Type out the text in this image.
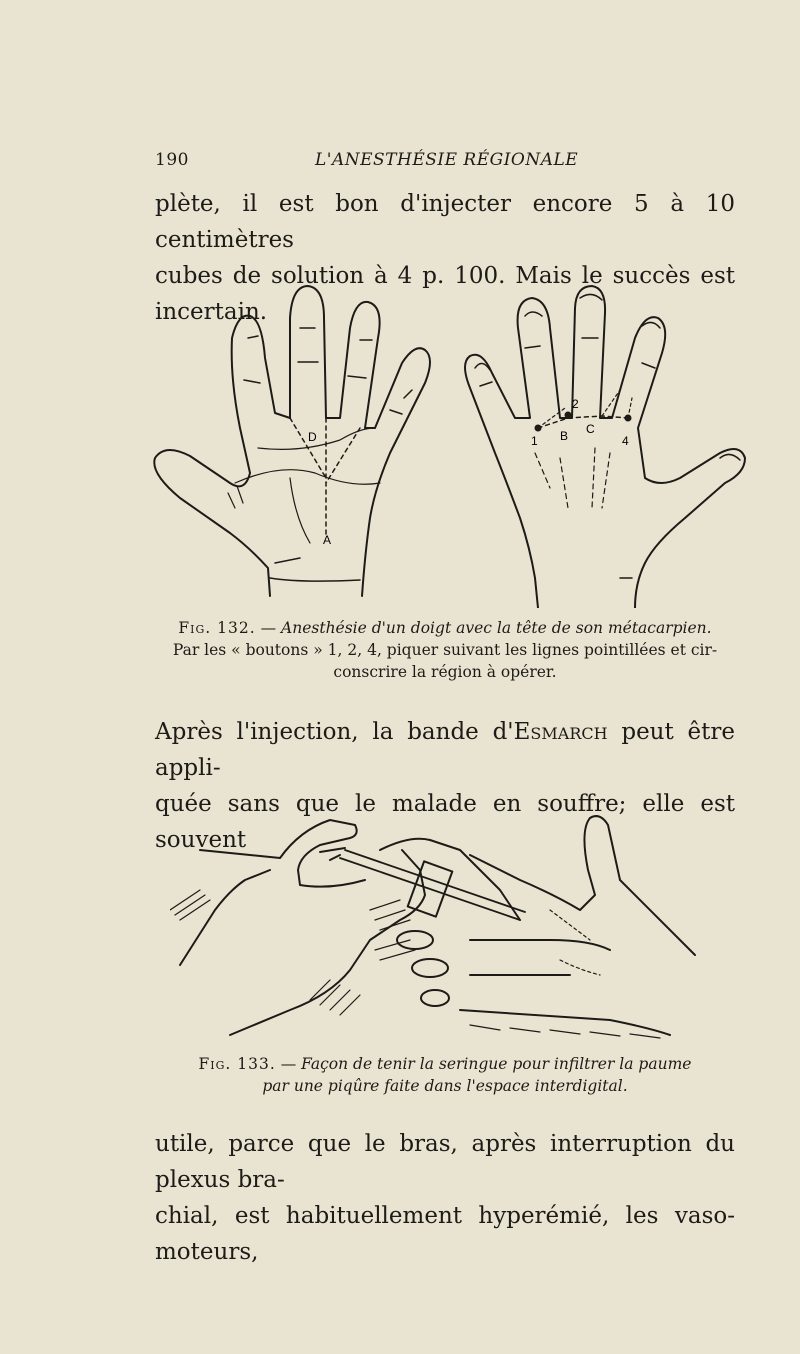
190	L'ANESTHÉSIE RÉGIONALE

plète, il est bon d'injecter encore 5 à 10 centimètres

cubes de solution à 4 p. 100. Mais le succès est incertain.

D
A
1
2
4
B C
Fig. 132. — Anesthésie d'un doigt avec la tête de son métacarpien.
Par les « boutons » 1, 2, 4, piquer suivant les lignes pointillées et cir-
conscrire la région à opérer.

Après l'injection, la bande d'Esmarch peut être appli-

quée sans que le malade en souffre; elle est souvent

Fig. 133. — Façon de tenir la seringue pour infiltrer la paume
par une piqûre faite dans l'espace interdigital.

utile, parce que le bras, après interruption du plexus bra-

chial, est habituellement hyperémié, les vaso-moteurs,
